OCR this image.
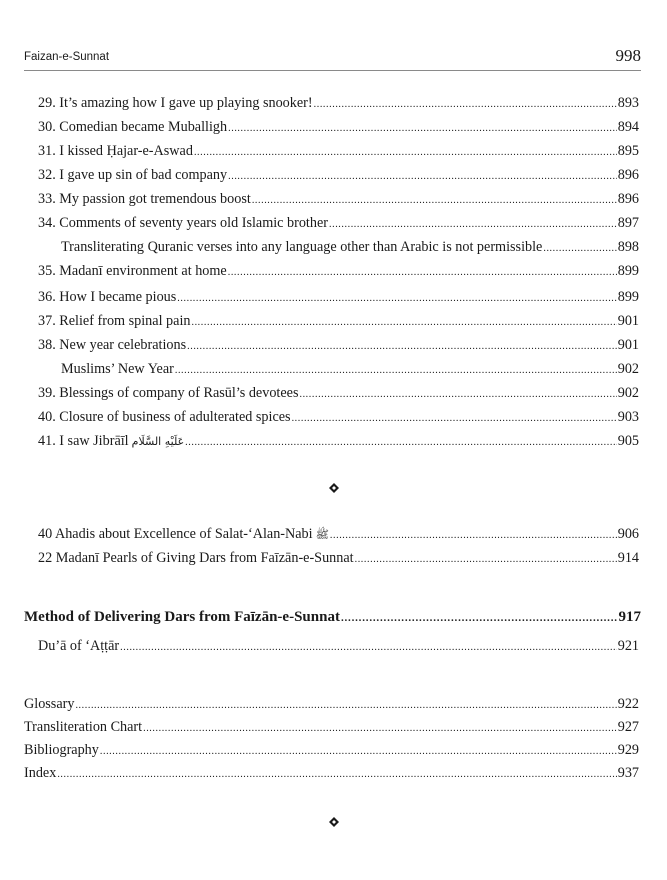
Faizan-e-Sunnat	998
29. It’s amazing how I gave up playing snooker! .....	893
30. Comedian became Muballigh .....	894
31. I kissed Ḥajar-e-Aswad .....	895
32. I gave up sin of bad company .....	896
33. My passion got tremendous boost .....	896
34. Comments of seventy years old Islamic brother .....	897
Transliterating Quranic verses into any language other than Arabic is not permissible .....	898
35. Madanī environment at home .....	899
36. How I became pious .....	899
37. Relief from spinal pain .....	901
38. New year celebrations .....	901
Muslims’ New Year .....	902
39. Blessings of company of Rasūl’s devotees .....	902
40. Closure of business of adulterated spices .....	903
41. I saw Jibrāīl عَلَيْهِ السَّلَام .....	905
40 Ahadis about Excellence of Salat-‘Alan-Nabi ﷺ .....	906
22 Madanī Pearls of Giving Dars from Faīzān-e-Sunnat .....	914
Method of Delivering Dars from Faīzān-e-Sunnat .....	917
Du’ā of ‘Aṭṭār .....	921
Glossary .....	922
Transliteration Chart .....	927
Bibliography .....	929
Index .....	937
